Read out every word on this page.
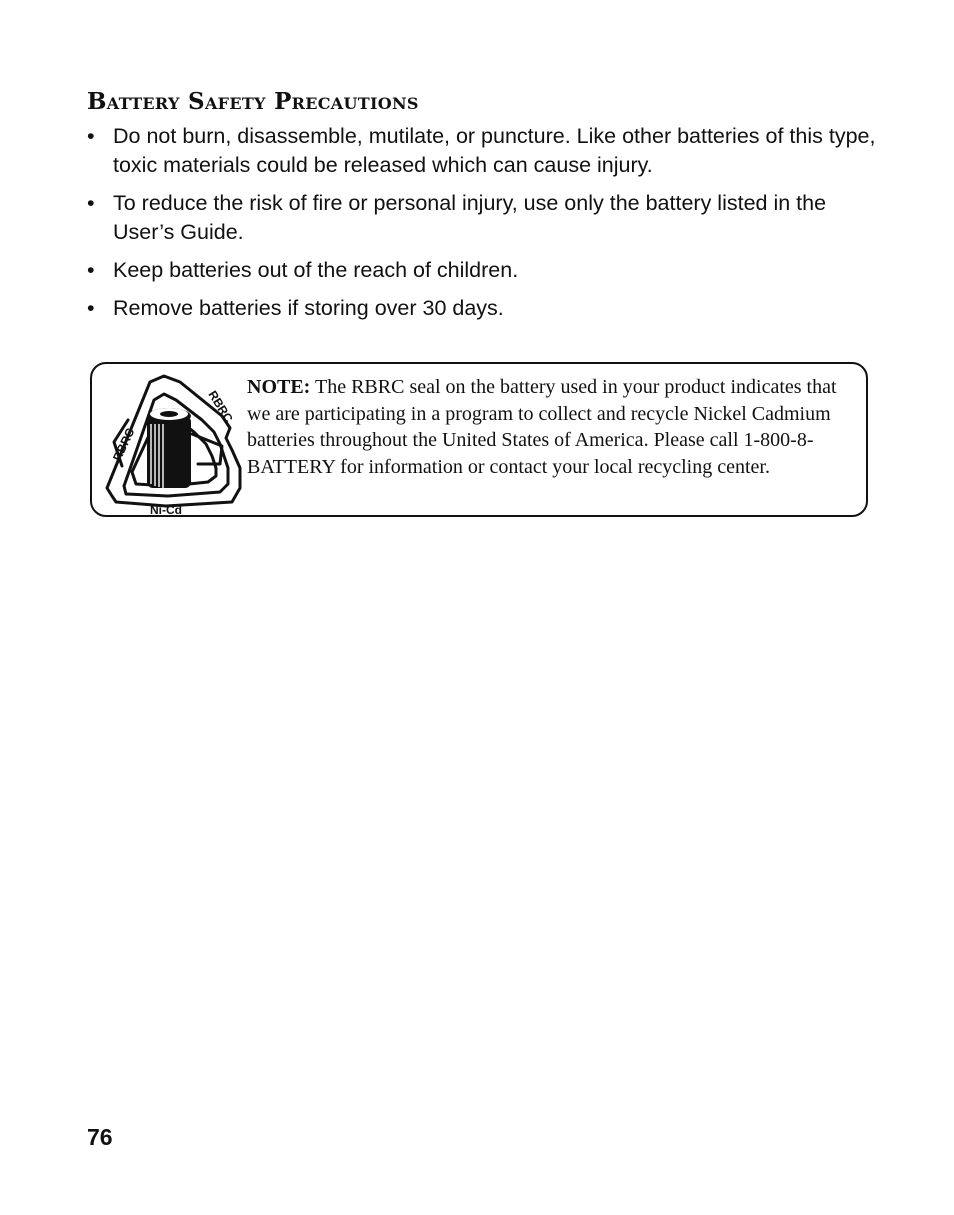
Battery Safety Precautions
• Do not burn, disassemble, mutilate, or puncture. Like other batteries of this type, toxic materials could be released which can cause injury.
• To reduce the risk of fire or personal injury, use only the battery listed in the User’s Guide.
• Keep batteries out of the reach of children.
• Remove batteries if storing over 30 days.
RBRC
RBRC
Ni-Cd

NOTE: The RBRC seal on the battery used in your product indicates that we are participating in a program to collect and recycle Nickel Cadmium batteries throughout the United States of America. Please call 1-800-8-BATTERY for information or contact your local recycling center.

76
